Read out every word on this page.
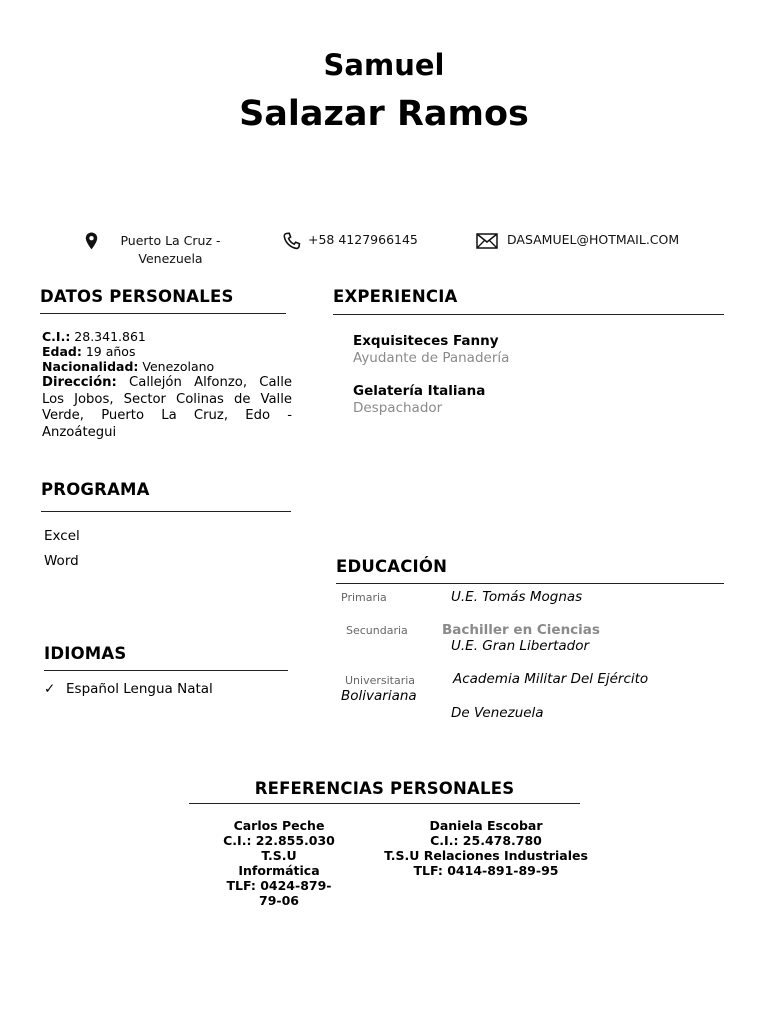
Samuel
Salazar Ramos
Puerto La Cruz - Venezuela
+58 4127966145	DASAMUEL@HOTMAIL.COM
DATOS PERSONALES
C.I.: 28.341.861
Edad: 19 años
Nacionalidad: Venezolano
Dirección: Callejón Alfonzo, Calle Los Jobos, Sector Colinas de Valle Verde, Puerto La Cruz, Edo - Anzoátegui
PROGRAMA
Excel
Word
IDIOMAS
✓ Español Lengua Natal
EXPERIENCIA
Exquisiteces Fanny
Ayudante de Panadería
Gelatería Italiana
Despachador
EDUCACIÓN
Primaria	U.E. Tomás Mognas
Secundaria	Bachiller en Ciencias
U.E. Gran Libertador
Universitaria	Academia Militar Del Ejército
Bolivariana
De Venezuela
REFERENCIAS PERSONALES
Carlos Peche
C.I.: 22.855.030
T.S.U
Informática
TLF: 0424-879-
79-06
Daniela Escobar
C.I.: 25.478.780
T.S.U Relaciones Industriales
TLF: 0414-891-89-95
